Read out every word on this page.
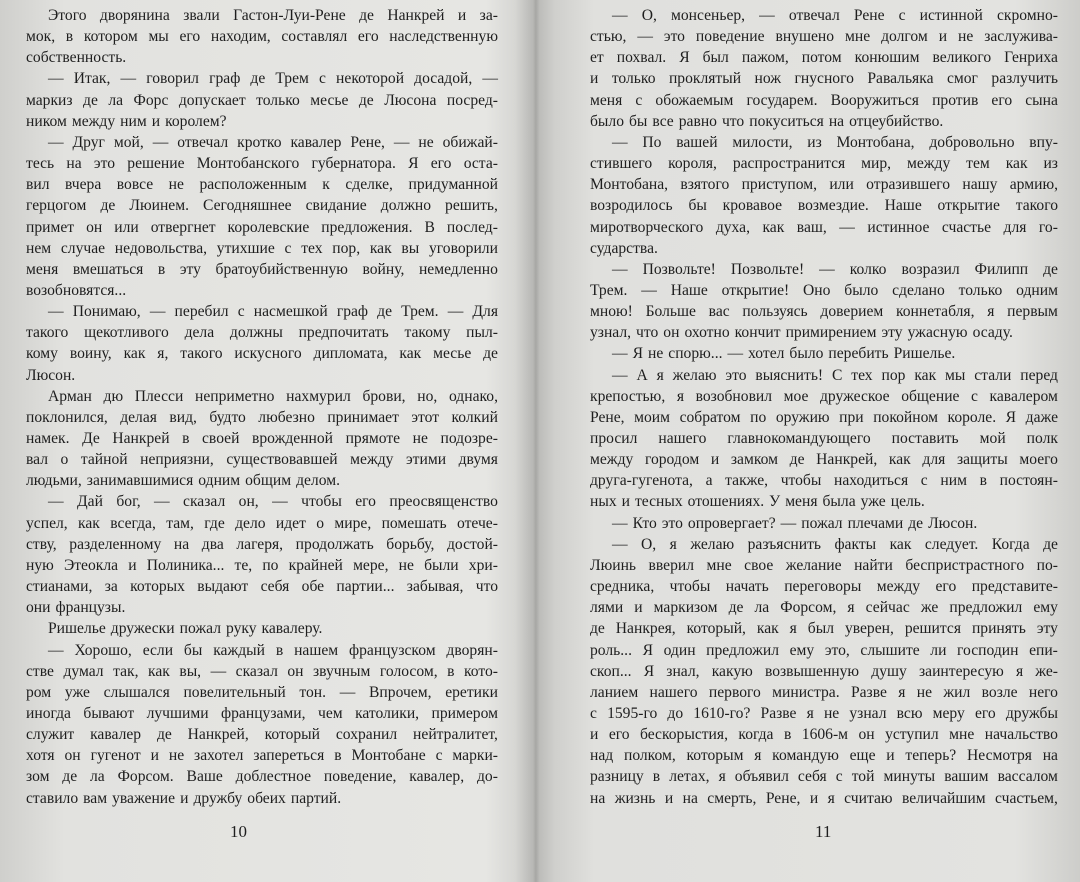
Этого дворянина звали Гастон-Луи-Рене де Нанкрей и за-
мок, в котором мы его находим, составлял его наследственную
собственность.
— Итак, — говорил граф де Трем с некоторой досадой, —
маркиз де ла Форс допускает только месье де Люсона посред-
ником между ним и королем?
— Друг мой, — отвечал кротко кавалер Рене, — не обижай-
тесь на это решение Монтобанского губернатора. Я его оста-
вил вчера вовсе не расположенным к сделке, придуманной
герцогом де Люинем. Сегодняшнее свидание должно решить,
примет он или отвергнет королевские предложения. В послед-
нем случае недовольства, утихшие с тех пор, как вы уговорили
меня вмешаться в эту братоубийственную войну, немедленно
возобновятся...
— Понимаю, — перебил с насмешкой граф де Трем. — Для
такого щекотливого дела должны предпочитать такому пыл-
кому воину, как я, такого искусного дипломата, как месье де
Люсон.
Арман дю Плесси неприметно нахмурил брови, но, однако,
поклонился, делая вид, будто любезно принимает этот колкий
намек. Де Нанкрей в своей врожденной прямоте не подозре-
вал о тайной неприязни, существовавшей между этими двумя
людьми, занимавшимися одним общим делом.
— Дай бог, — сказал он, — чтобы его преосвященство
успел, как всегда, там, где дело идет о мире, помешать отече-
ству, разделенному на два лагеря, продолжать борьбу, достой-
ную Этеокла и Полиника... те, по крайней мере, не были хри-
стианами, за которых выдают себя обе партии... забывая, что
они французы.
Ришелье дружески пожал руку кавалеру.
— Хорошо, если бы каждый в нашем французском дворян-
стве думал так, как вы, — сказал он звучным голосом, в кото-
ром уже слышался повелительный тон. — Впрочем, еретики
иногда бывают лучшими французами, чем католики, примером
служит кавалер де Нанкрей, который сохранил нейтралитет,
хотя он гугенот и не захотел запереться в Монтобане с марки-
зом де ла Форсом. Ваше доблестное поведение, кавалер, до-
ставило вам уважение и дружбу обеих партий.
— О, монсеньер, — отвечал Рене с истинной скромно-
стью, — это поведение внушено мне долгом и не заслужива-
ет похвал. Я был пажом, потом конюшим великого Генриха
и только проклятый нож гнусного Равальяка смог разлучить
меня с обожаемым государем. Вооружиться против его сына
было бы все равно что покуситься на отцеубийство.
— По вашей милости, из Монтобана, добровольно впу-
стившего короля, распространится мир, между тем как из
Монтобана, взятого приступом, или отразившего нашу армию,
возродилось бы кровавое возмездие. Наше открытие такого
миротворческого духа, как ваш, — истинное счастье для го-
сударства.
— Позвольте! Позвольте! — колко возразил Филипп де
Трем. — Наше открытие! Оно было сделано только одним
мною! Больше вас пользуясь доверием коннетабля, я первым
узнал, что он охотно кончит примирением эту ужасную осаду.
— Я не спорю... — хотел было перебить Ришелье.
— А я желаю это выяснить! С тех пор как мы стали перед
крепостью, я возобновил мое дружеское общение с кавалером
Рене, моим собратом по оружию при покойном короле. Я даже
просил нашего главнокомандующего поставить мой полк
между городом и замком де Нанкрей, как для защиты моего
друга-гугенота, а также, чтобы находиться с ним в постоян-
ных и тесных отошениях. У меня была уже цель.
— Кто это опровергает? — пожал плечами де Люсон.
— О, я желаю разъяснить факты как следует. Когда де
Люинь вверил мне свое желание найти беспристрастного по-
средника, чтобы начать переговоры между его представите-
лями и маркизом де ла Форсом, я сейчас же предложил ему
де Нанкрея, который, как я был уверен, решится принять эту
роль... Я один предложил ему это, слышите ли господин епи-
скоп... Я знал, какую возвышенную душу заинтересую я же-
ланием нашего первого министра. Разве я не жил возле него
с 1595-го до 1610-го? Разве я не узнал всю меру его дружбы
и его бескорыстия, когда в 1606-м он уступил мне начальство
над полком, которым я командую еще и теперь? Несмотря на
разницу в летах, я объявил себя с той минуты вашим вассалом
на жизнь и на смерть, Рене, и я считаю величайшим счастьем,
10	11
